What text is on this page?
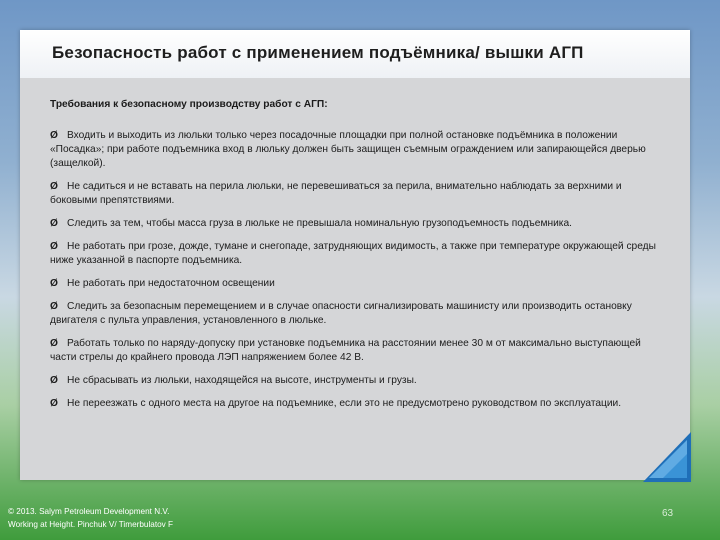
Безопасность работ с применением подъёмника/ вышки АГП

Требования к безопасному производству работ с АГП:

Ø Входить и выходить из люльки только через посадочные площадки при полной остановке подъёмника в положении «Посадка»; при работе подъемника вход в люльку должен быть защищен съемным ограждением или запирающейся дверью (защелкой).

Ø Не садиться и не вставать на перила люльки, не перевешиваться за перила, внимательно наблюдать за верхними и боковыми препятствиями.

Ø Следить за тем, чтобы масса груза в люльке не превышала номинальную грузоподъемность подъемника.

Ø Не работать при грозе, дожде, тумане и снегопаде, затрудняющих видимость, а также при температуре окружающей среды ниже указанной в паспорте подъемника.

Ø Не работать при недостаточном освещении

Ø Следить за безопасным перемещением и в случае опасности сигнализировать машинисту или производить остановку двигателя с пульта управления, установленного в люльке.

Ø Работать только по наряду-допуску при установке подъемника на расстоянии менее 30 м от максимально выступающей части стрелы до крайнего провода ЛЭП напряжением более 42 В.

Ø Не сбрасывать из люльки, находящейся на высоте, инструменты и грузы.

Ø Не переезжать с одного места на другое на подъемнике, если это не предусмотрено руководством по эксплуатации.

© 2013. Salym Petroleum Development N.V.
Working at Height. Pinchuk V/ Timerbulatov F
63
